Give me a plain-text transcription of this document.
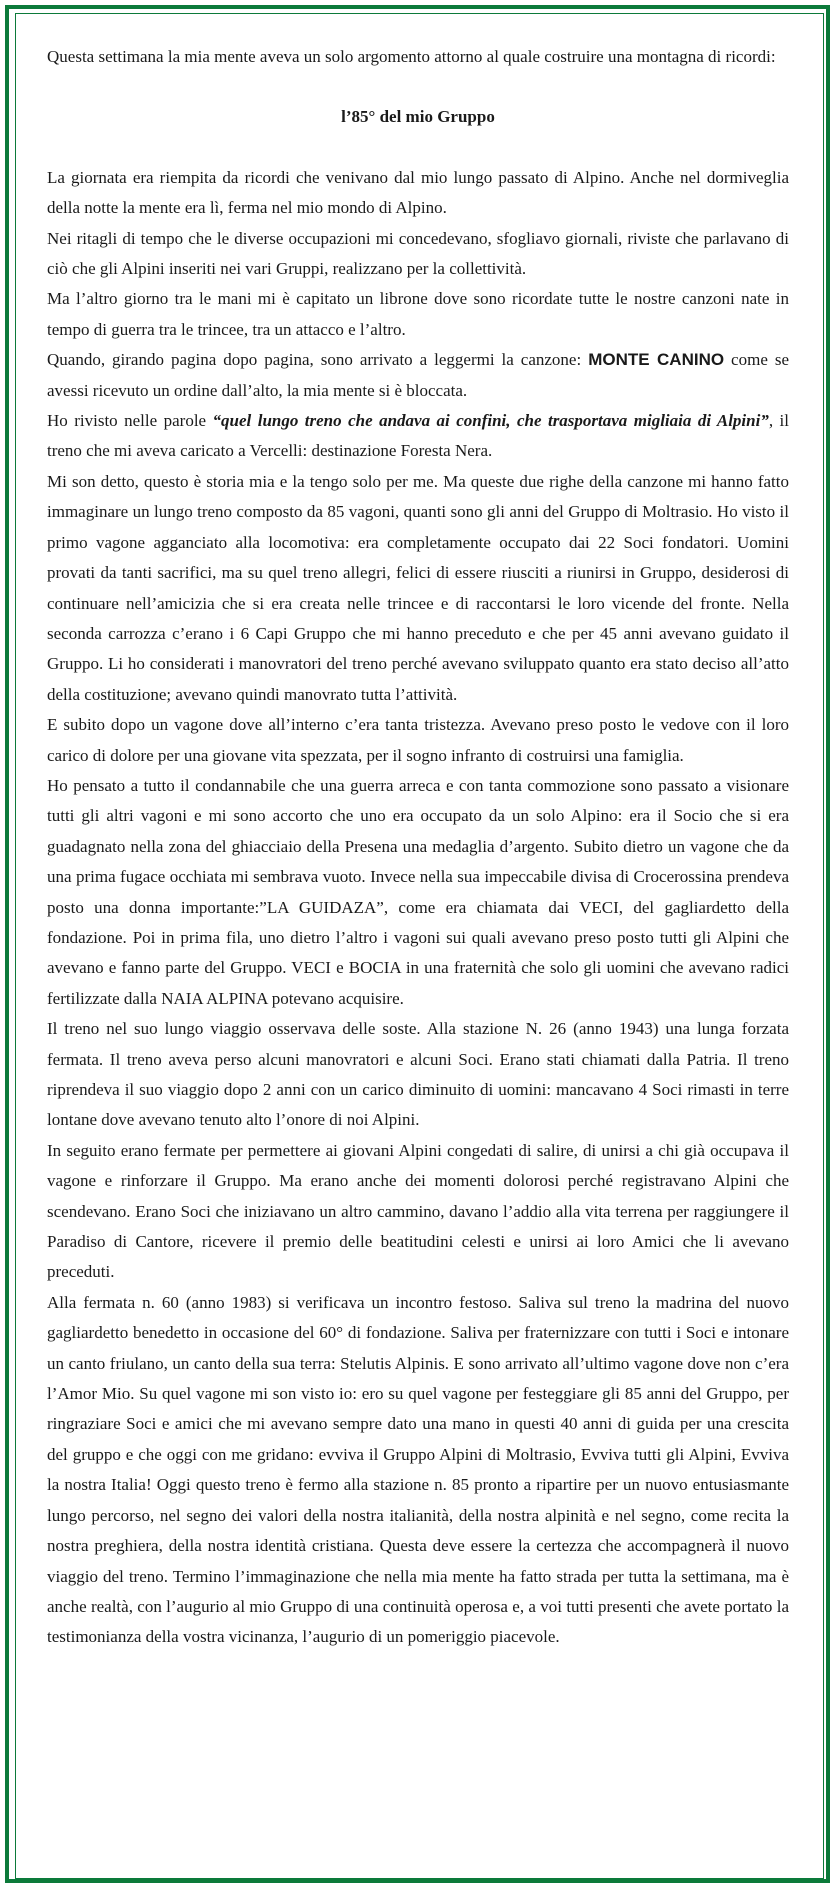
Questa settimana la mia mente aveva un solo argomento attorno al quale costruire una montagna di ricordi:

l’85° del mio Gruppo

La giornata era riempita da ricordi che venivano dal mio lungo passato di Alpino. Anche nel dormiveglia della notte la mente era lì, ferma nel mio mondo di Alpino.

Nei ritagli di tempo che le diverse occupazioni mi concedevano, sfogliavo giornali, riviste che parlavano di ciò che gli Alpini inseriti nei vari Gruppi, realizzano per la collettività.

Ma l’altro giorno tra le mani mi è capitato un librone dove sono ricordate tutte le nostre canzoni nate in tempo di guerra tra le trincee, tra un attacco e l’altro.

Quando, girando pagina dopo pagina, sono arrivato a leggermi la canzone: MONTE CANINO come se avessi ricevuto un ordine dall’alto, la mia mente si è bloccata.

Ho rivisto nelle parole “quel lungo treno che andava ai confini, che trasportava migliaia di Alpini”, il treno che mi aveva caricato a Vercelli: destinazione Foresta Nera.

Mi son detto, questo è storia mia e la tengo solo per me. Ma queste due righe della canzone mi hanno fatto immaginare un lungo treno composto da 85 vagoni, quanti sono gli anni del Gruppo di Moltrasio. Ho visto il primo vagone agganciato alla locomotiva: era completamente occupato dai 22 Soci fondatori. Uomini provati da tanti sacrifici, ma su quel treno allegri, felici di essere riusciti a riunirsi in Gruppo, desiderosi di continuare nell’amicizia che si era creata nelle trincee e di raccontarsi le loro vicende del fronte. Nella seconda carrozza c’erano i 6 Capi Gruppo che mi hanno preceduto e che per 45 anni avevano guidato il Gruppo. Li ho considerati i manovratori del treno perché avevano sviluppato quanto era stato deciso all’atto della costituzione; avevano quindi manovrato tutta l’attività.

E subito dopo un vagone dove all’interno c’era tanta tristezza. Avevano preso posto le vedove con il loro carico di dolore per una giovane vita spezzata, per il sogno infranto di costruirsi una famiglia.

Ho pensato a tutto il condannabile che una guerra arreca e con tanta commozione sono passato a visionare tutti gli altri vagoni e mi sono accorto che uno era occupato da un solo Alpino: era il Socio che si era guadagnato nella zona del ghiacciaio della Presena una medaglia d’argento. Subito dietro un vagone che da una prima fugace occhiata mi sembrava vuoto. Invece nella sua impeccabile divisa di Crocerossina prendeva posto una donna importante:”LA GUIDAZA”, come era chiamata dai VECI, del gagliardetto della fondazione. Poi in prima fila, uno dietro l’altro i vagoni sui quali avevano preso posto tutti gli Alpini che avevano e fanno parte del Gruppo. VECI e BOCIA in una fraternità che solo gli uomini che avevano radici fertilizzate dalla NAIA ALPINA potevano acquisire.

Il treno nel suo lungo viaggio osservava delle soste. Alla stazione N. 26 (anno 1943) una lunga forzata fermata. Il treno aveva perso alcuni manovratori e alcuni Soci. Erano stati chiamati dalla Patria. Il treno riprendeva il suo viaggio dopo 2 anni con un carico diminuito di uomini: mancavano 4 Soci rimasti in terre lontane dove avevano tenuto alto l’onore di noi Alpini.

In seguito erano fermate per permettere ai giovani Alpini congedati di salire, di unirsi a chi già occupava il vagone e rinforzare il Gruppo. Ma erano anche dei momenti dolorosi perché registravano Alpini che scendevano. Erano Soci che iniziavano un altro cammino, davano l’addio alla vita terrena per raggiungere il Paradiso di Cantore, ricevere il premio delle beatitudini celesti e unirsi ai loro Amici che li avevano preceduti.

Alla fermata n. 60 (anno 1983) si verificava un incontro festoso. Saliva sul treno la madrina del nuovo gagliardetto benedetto in occasione del 60° di fondazione. Saliva per fraternizzare con tutti i Soci e intonare un canto friulano, un canto della sua terra: Stelutis Alpinis. E sono arrivato all’ultimo vagone dove non c’era l’Amor Mio. Su quel vagone mi son visto io: ero su quel vagone per festeggiare gli 85 anni del Gruppo, per ringraziare Soci e amici che mi avevano sempre dato una mano in questi 40 anni di guida per una crescita del gruppo e che oggi con me gridano: evviva il Gruppo Alpini di Moltrasio, Evviva tutti gli Alpini, Evviva la nostra Italia! Oggi questo treno è fermo alla stazione n. 85 pronto a ripartire per un nuovo entusiasmante lungo percorso, nel segno dei valori della nostra italianità, della nostra alpinità e nel segno, come recita la nostra preghiera, della nostra identità cristiana. Questa deve essere la certezza che accompagnerà il nuovo viaggio del treno. Termino l’immaginazione che nella mia mente ha fatto strada per tutta la settimana, ma è anche realtà, con l’augurio al mio Gruppo di una continuità operosa e, a voi tutti presenti che avete portato la testimonianza della vostra vicinanza, l’augurio di un pomeriggio piacevole.
